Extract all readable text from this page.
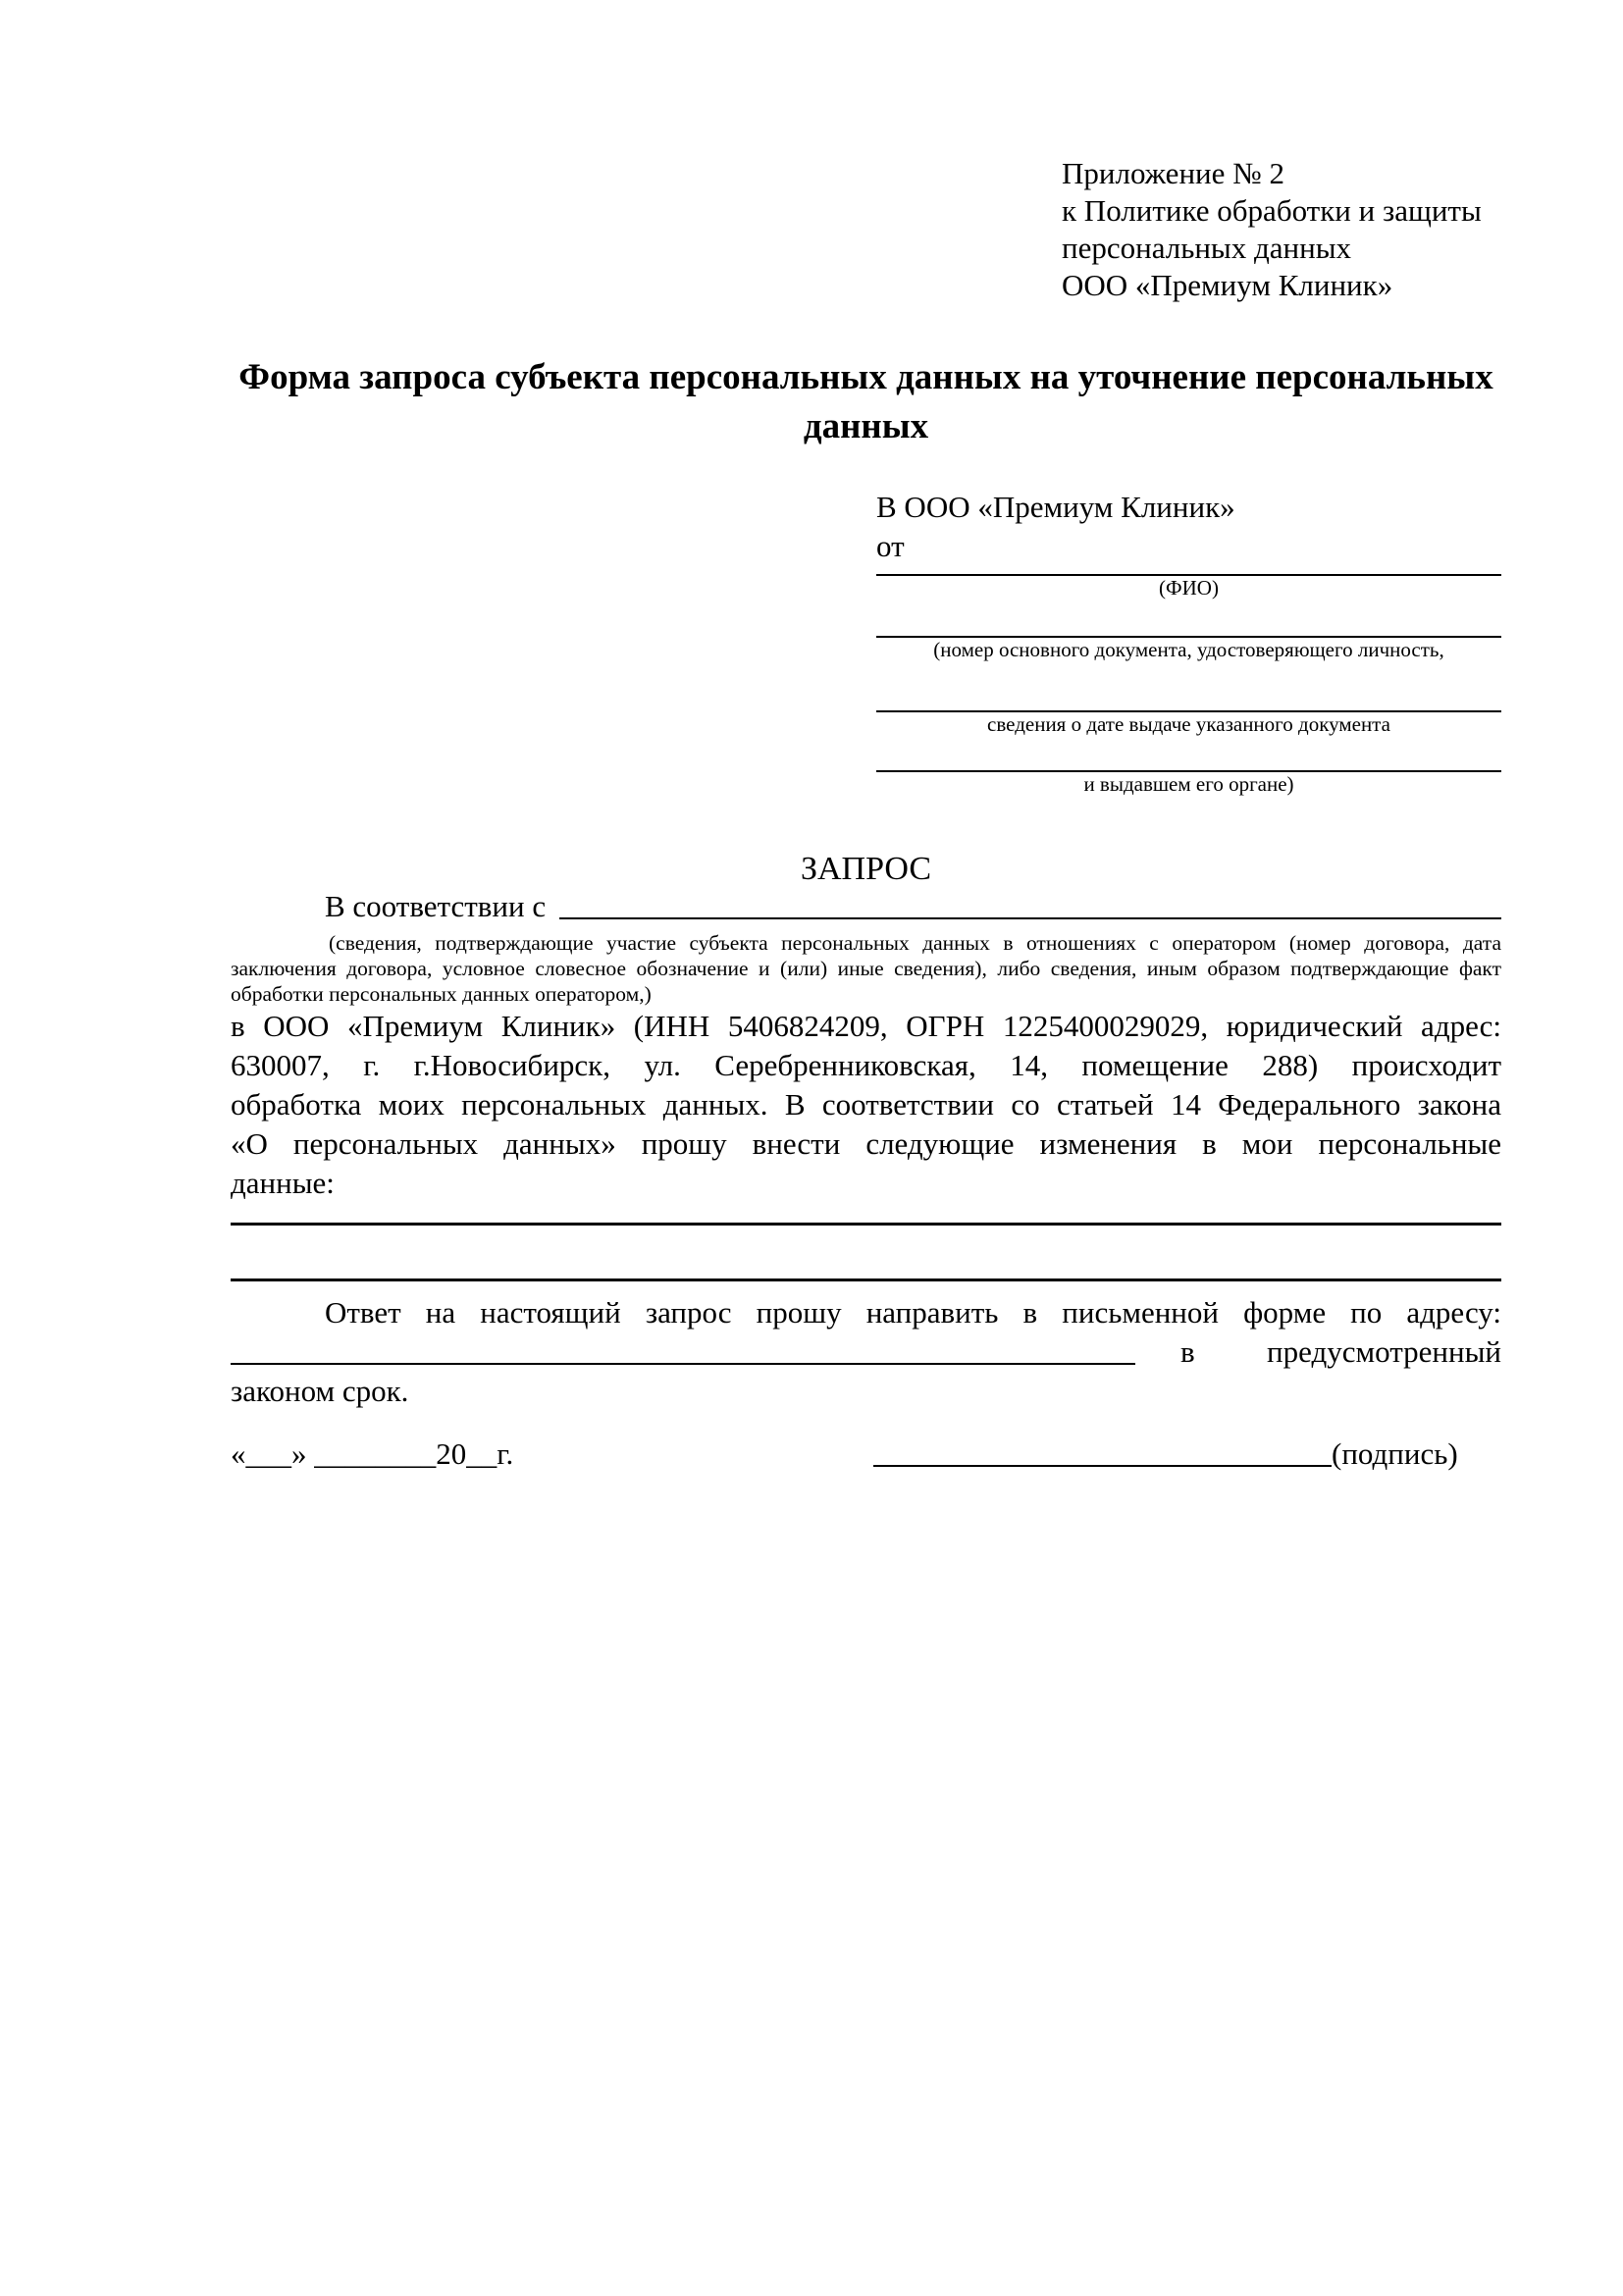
Приложение № 2
к Политике обработки и защиты
персональных данных
ООО «Премиум Клиник»
Форма запроса субъекта персональных данных на уточнение персональных данных
В ООО «Премиум Клиник»
от
(ФИО)
(номер основного документа, удостоверяющего личность,
сведения о дате выдаче указанного документа
и выдавшем его органе)
ЗАПРОС
В соответствии с
(сведения, подтверждающие участие субъекта персональных данных в отношениях с оператором (номер договора, дата
заключения договора, условное словесное обозначение и (или) иные сведения), либо сведения, иным образом подтверждающие факт
обработки персональных данных оператором,)
в ООО «Премиум Клиник» (ИНН 5406824209, ОГРН 1225400029029, юридический адрес:
630007, г. г.Новосибирск, ул. Серебренниковская, 14, помещение 288) происходит
обработка моих персональных данных. В соответствии со статьей 14 Федерального закона
«О персональных данных» прошу внести следующие изменения в мои персональные
данные:
Ответ на настоящий запрос прошу направить в письменной форме по адресу:
в предусмотренный
законом срок.
«___» ________20__г.	(подпись)
